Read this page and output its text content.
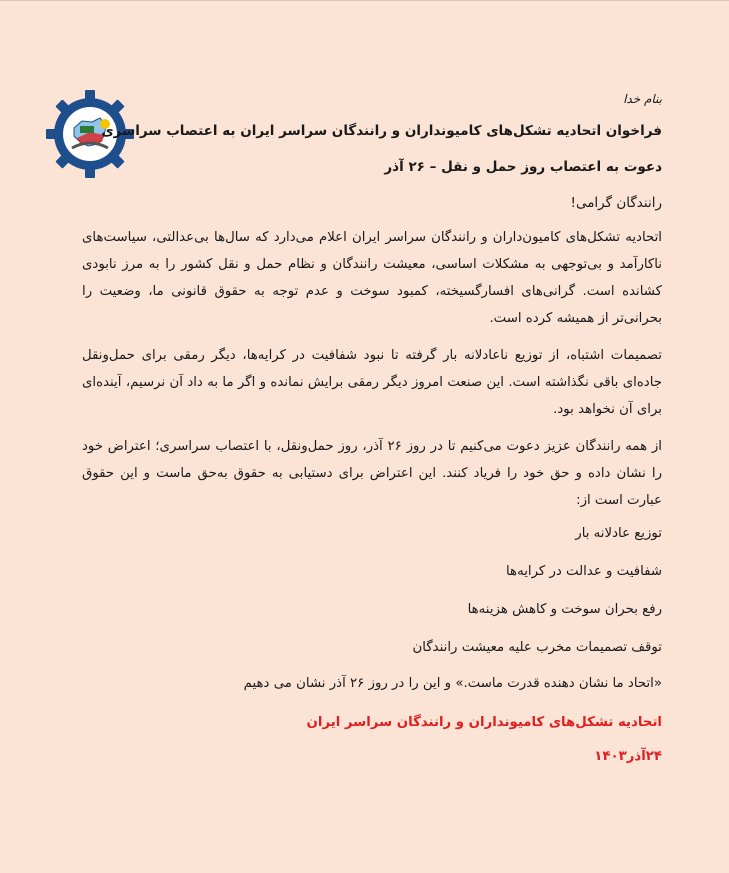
بنام خدا
فراخوان اتحادیه تشکل‌های کامیونداران و رانندگان سراسر ایران به اعتصاب سراسری
دعوت به اعتصاب روز حمل و نقل – ۲۶ آذر
رانندگان گرامی!

اتحادیه تشکل‌های کامیون‌داران و رانندگان سراسر ایران اعلام می‌دارد که سال‌ها بی‌عدالتی، سیاست‌های ناکارآمد و بی‌توجهی به مشکلات اساسی، معیشت رانندگان و نظام حمل و نقل کشور را به مرز نابودی کشانده است. گرانی‌های افسارگسیخته، کمبود سوخت و عدم توجه به حقوق قانونی ما، وضعیت را بحرانی‌تر از همیشه کرده است.

تصمیمات اشتباه، از توزیع ناعادلانه بار گرفته تا نبود شفافیت در کرایه‌ها، دیگر رمقی برای حمل‌ونقل جاده‌ای باقی نگذاشته است. این صنعت امروز دیگر رمقی برایش نمانده و اگر ما به داد آن نرسیم، آینده‌ای برای آن نخواهد بود.

از همه رانندگان عزیز دعوت می‌کنیم تا در روز ۲۶ آذر، روز حمل‌ونقل، با اعتصاب سراسری؛ اعتراض خود را نشان داده و حق خود را فریاد کنند. این اعتراض برای دستیابی به حقوق به‌حق ماست و این حقوق عبارت است از:

توزیع عادلانه بار
شفافیت و عدالت در کرایه‌ها
رفع بحران سوخت و کاهش هزینه‌ها
توقف تصمیمات مخرب علیه معیشت رانندگان
«اتحاد ما نشان دهنده قدرت ماست.» و این را در روز ۲۶ آذر نشان می دهیم
اتحادیه تشکل‌های کامیونداران و رانندگان سراسر ایران
۲۴آذر۱۴۰۳
